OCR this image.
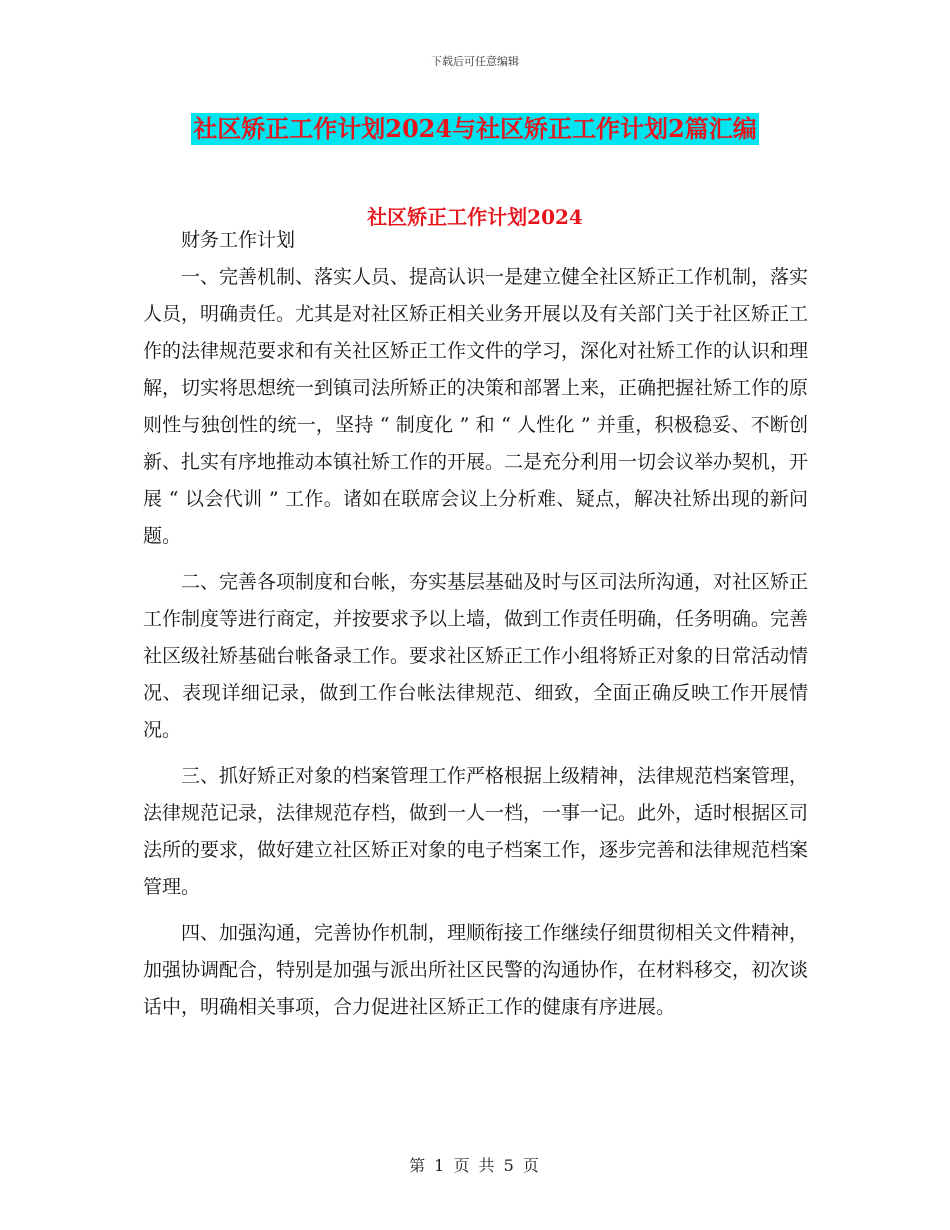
下载后可任意编辑
社区矫正工作计划2024与社区矫正工作计划2篇汇编
社区矫正工作计划2024

财务工作计划

一、完善机制、落实人员、提高认识一是建立健全社区矫正工作机制，落实人员，明确责任。尤其是对社区矫正相关业务开展以及有关部门关于社区矫正工作的法律规范要求和有关社区矫正工作文件的学习，深化对社矫工作的认识和理解，切实将思想统一到镇司法所矫正的决策和部署上来，正确把握社矫工作的原则性与独创性的统一，坚持 “ 制度化 ” 和 “ 人性化 ” 并重，积极稳妥、不断创新、扎实有序地推动本镇社矫工作的开展。二是充分利用一切会议举办契机，开展 “ 以会代训 ” 工作。诸如在联席会议上分析难、疑点，解决社矫出现的新问题。

二、完善各项制度和台帐，夯实基层基础及时与区司法所沟通，对社区矫正工作制度等进行商定，并按要求予以上墙，做到工作责任明确，任务明确。完善社区级社矫基础台帐备录工作。要求社区矫正工作小组将矫正对象的日常活动情况、表现详细记录，做到工作台帐法律规范、细致，全面正确反映工作开展情况。

三、抓好矫正对象的档案管理工作严格根据上级精神，法律规范档案管理，法律规范记录，法律规范存档，做到一人一档，一事一记。此外，适时根据区司法所的要求，做好建立社区矫正对象的电子档案工作，逐步完善和法律规范档案管理。

四、加强沟通，完善协作机制，理顺衔接工作继续仔细贯彻相关文件精神，加强协调配合，特别是加强与派出所社区民警的沟通协作，在材料移交，初次谈话中，明确相关事项，合力促进社区矫正工作的健康有序进展。

第 1 页 共 5 页
